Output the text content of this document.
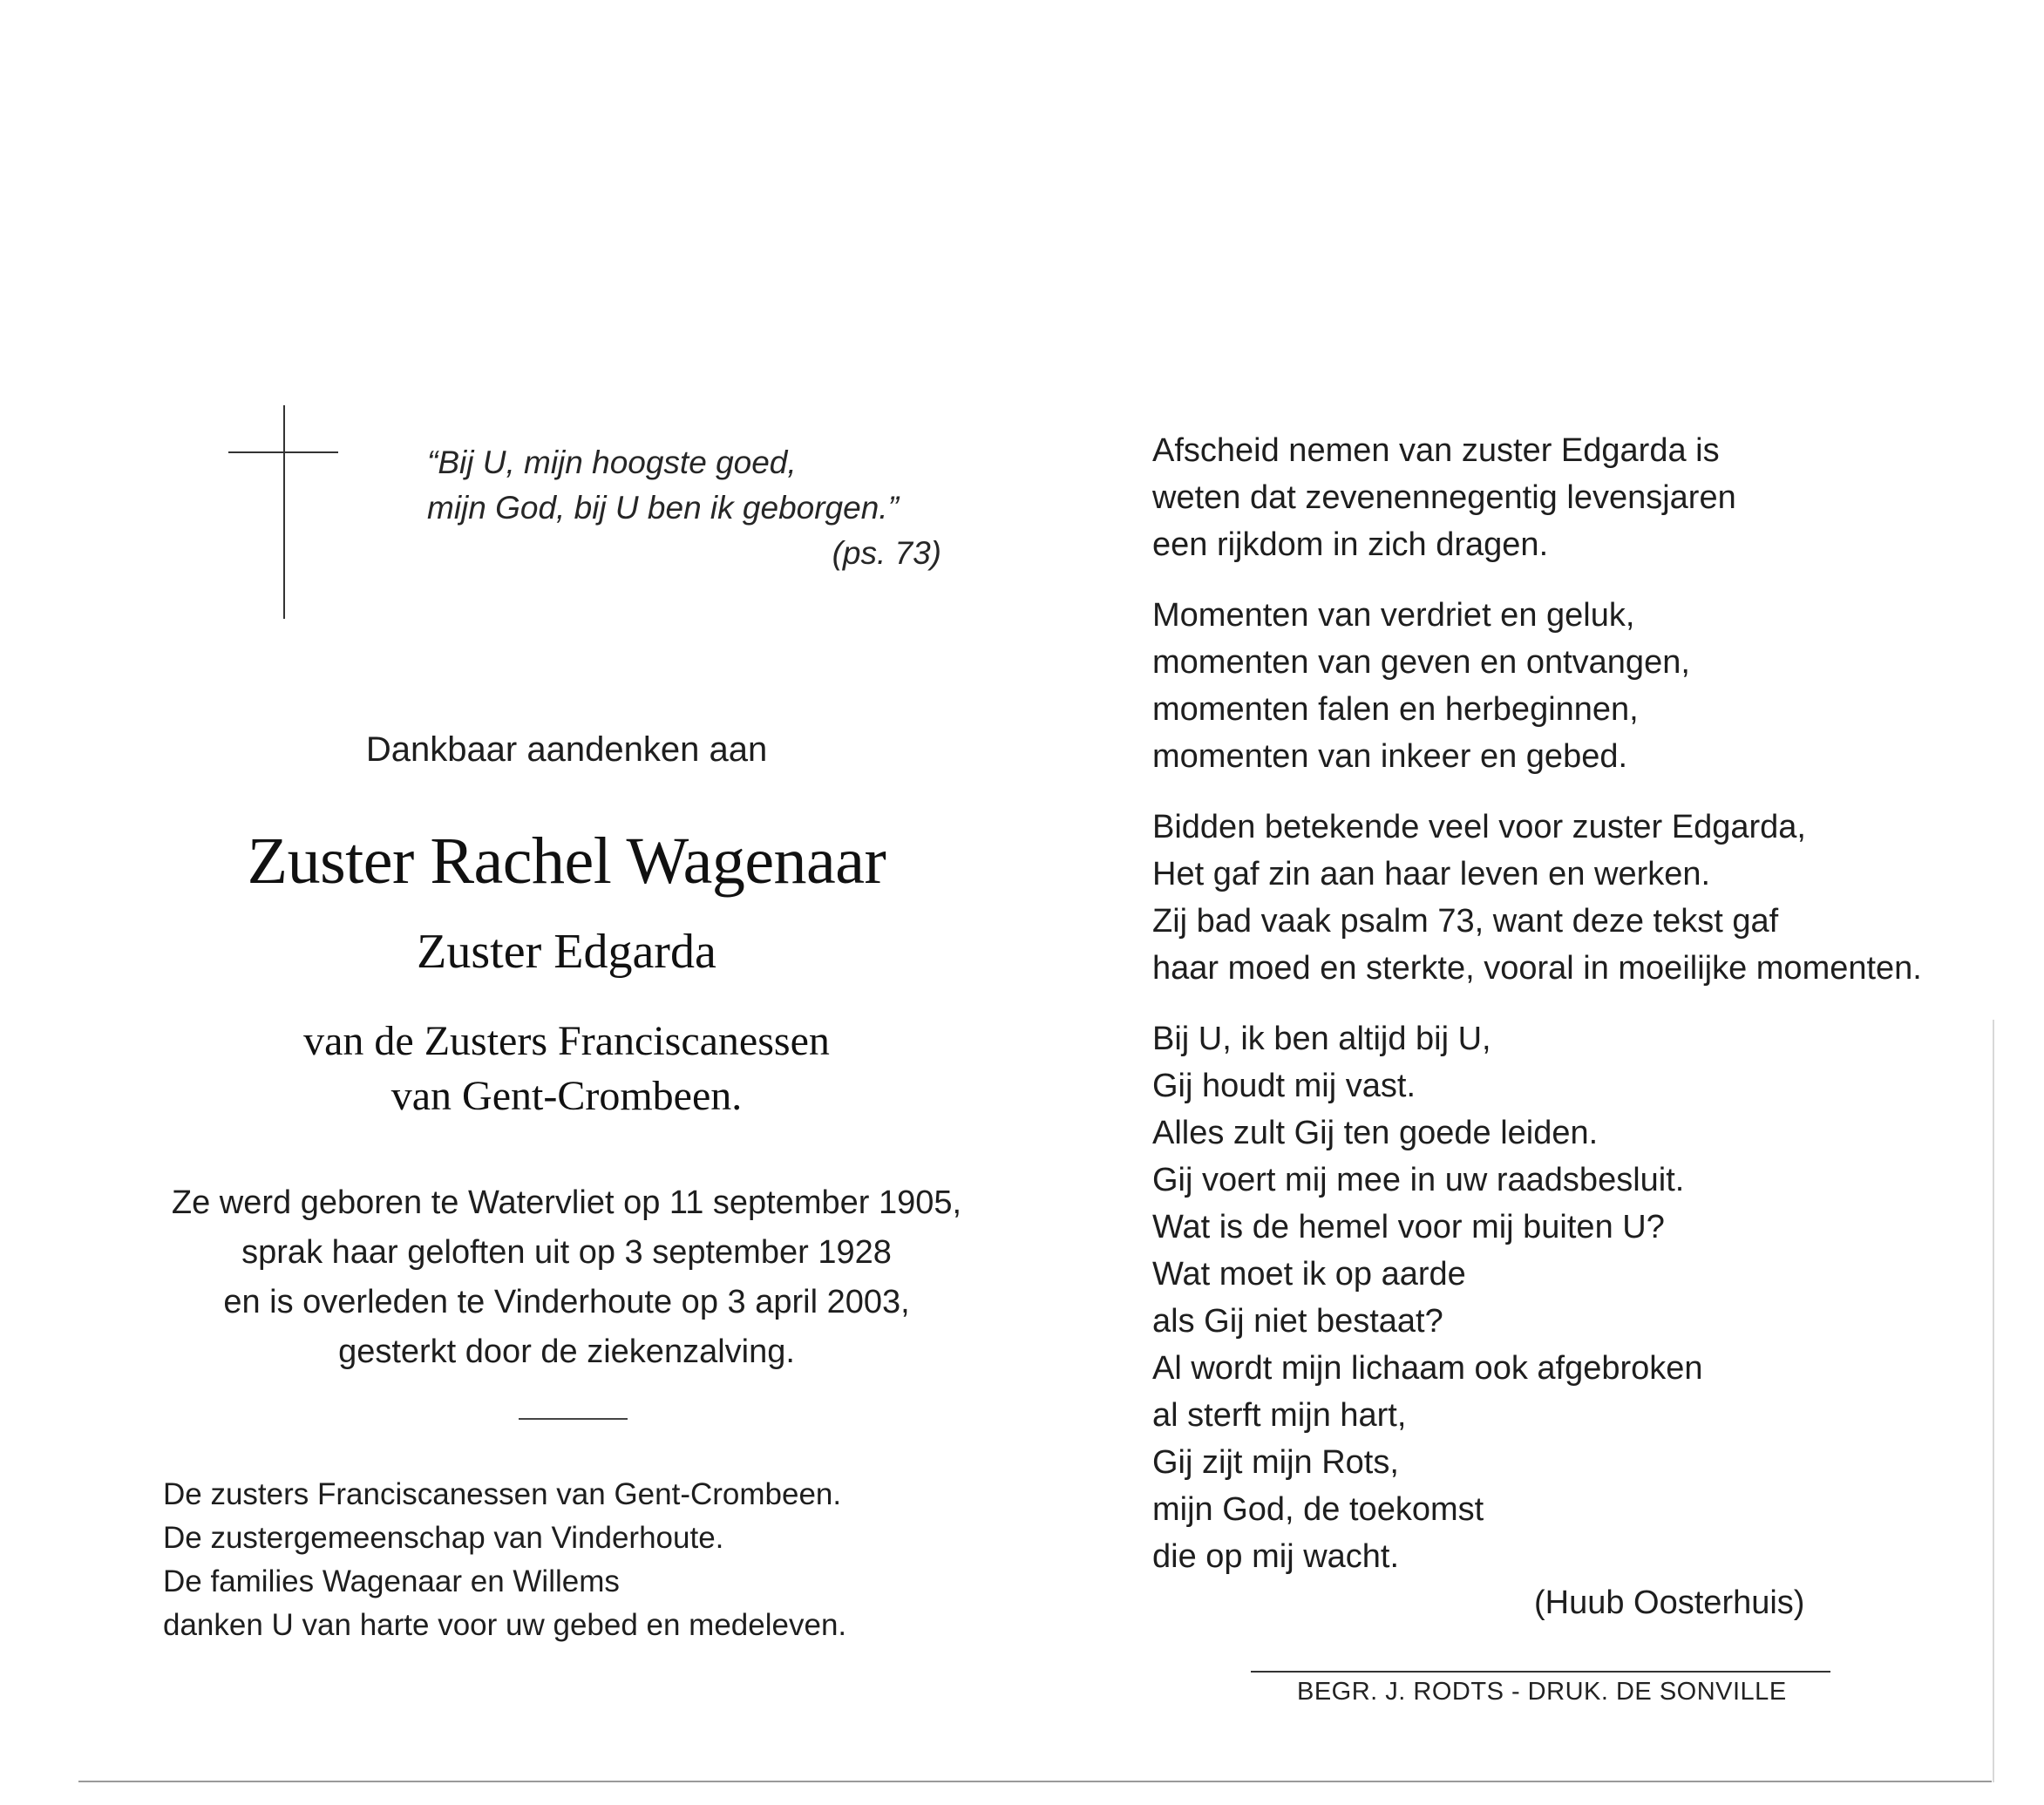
“Bij U, mijn hoogste goed,
mijn God, bij U ben ik geborgen.”
(ps. 73)
Dankbaar aandenken aan
Zuster Rachel Wagenaar
Zuster Edgarda
van de Zusters Franciscanessen
van Gent-Crombeen.
Ze werd geboren te Watervliet op 11 september 1905,
sprak haar geloften uit op 3 september 1928
en is overleden te Vinderhoute op 3 april 2003,
gesterkt door de ziekenzalving.
De zusters Franciscanessen van Gent-Crombeen.
De zustergemeenschap van Vinderhoute.
De families Wagenaar en Willems
danken U van harte voor uw gebed en medeleven.
Afscheid nemen van zuster Edgarda is
weten dat zevenennegentig levensjaren
een rijkdom in zich dragen.
Momenten van verdriet en geluk,
momenten van geven en ontvangen,
momenten falen en herbeginnen,
momenten van inkeer en gebed.
Bidden betekende veel voor zuster Edgarda,
Het gaf zin aan haar leven en werken.
Zij bad vaak psalm 73, want deze tekst gaf
haar moed en sterkte, vooral in moeilijke momenten.
Bij U, ik ben altijd bij U,
Gij houdt mij vast.
Alles zult Gij ten goede leiden.
Gij voert mij mee in uw raadsbesluit.
Wat is de hemel voor mij buiten U?
Wat moet ik op aarde
als Gij niet bestaat?
Al wordt mijn lichaam ook afgebroken
al sterft mijn hart,
Gij zijt mijn Rots,
mijn God, de toekomst
die op mij wacht.
(Huub Oosterhuis)
BEGR. J. RODTS - DRUK. DE SONVILLE
